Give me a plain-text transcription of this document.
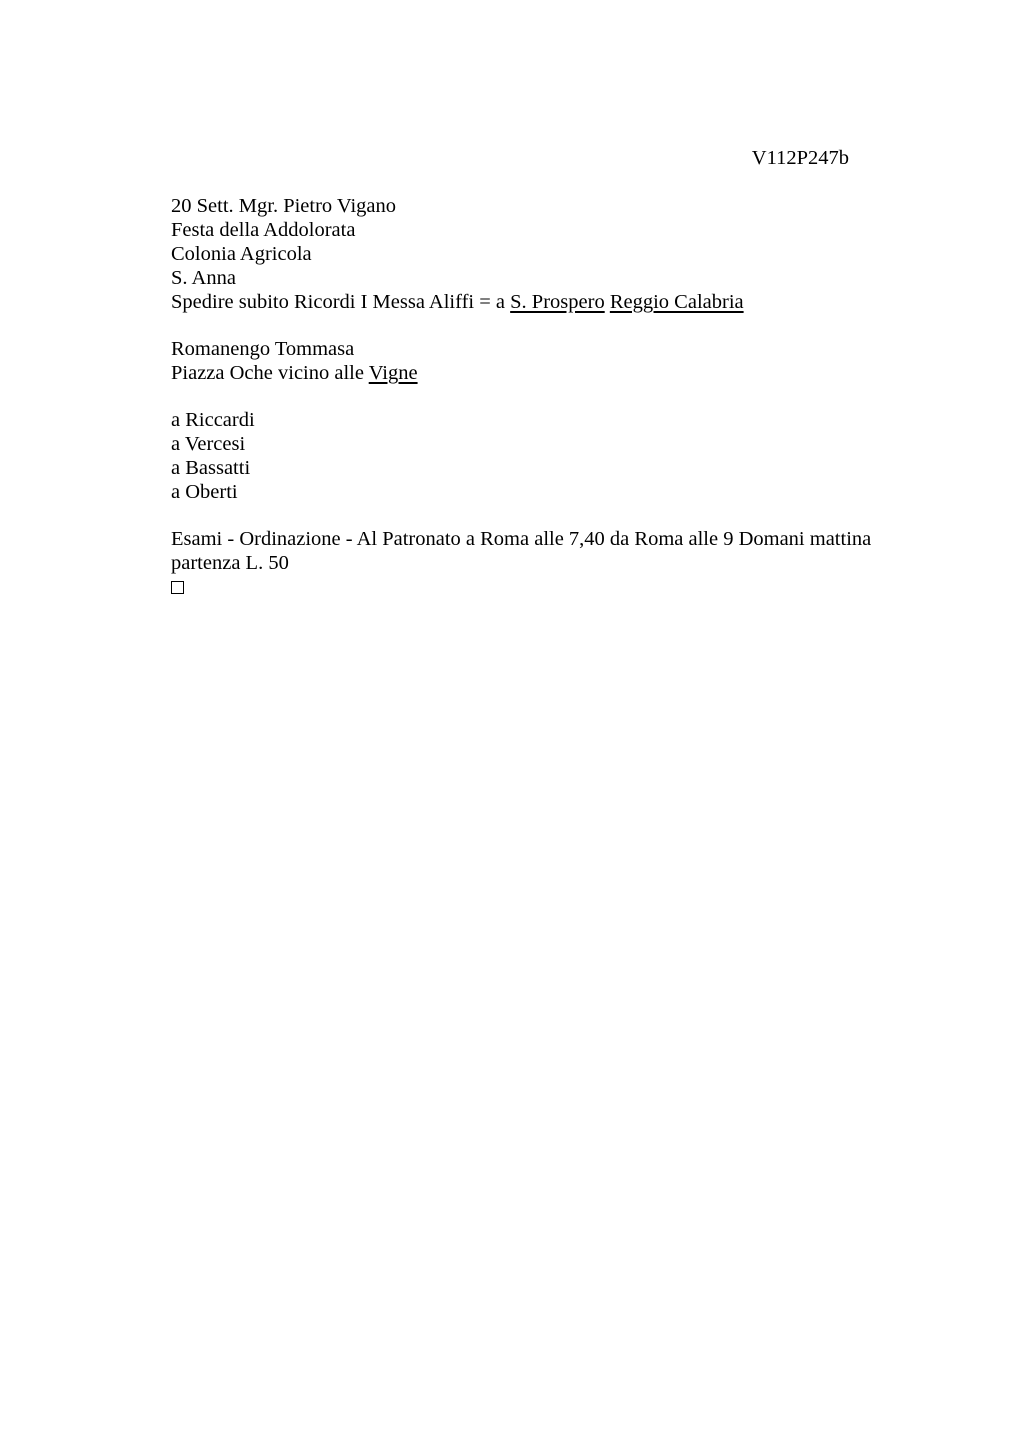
V112P247b
20 Sett. Mgr. Pietro Vigano
Festa della Addolorata
Colonia Agricola
S. Anna
Spedire subito Ricordi I Messa Aliffi = a S. Prospero Reggio Calabria
Romanengo Tommasa
Piazza Oche vicino alle Vigne
a Riccardi
a Vercesi
a Bassatti
a Oberti
Esami - Ordinazione - Al Patronato a Roma alle 7,40 da Roma alle 9 Domani mattina partenza L. 50
